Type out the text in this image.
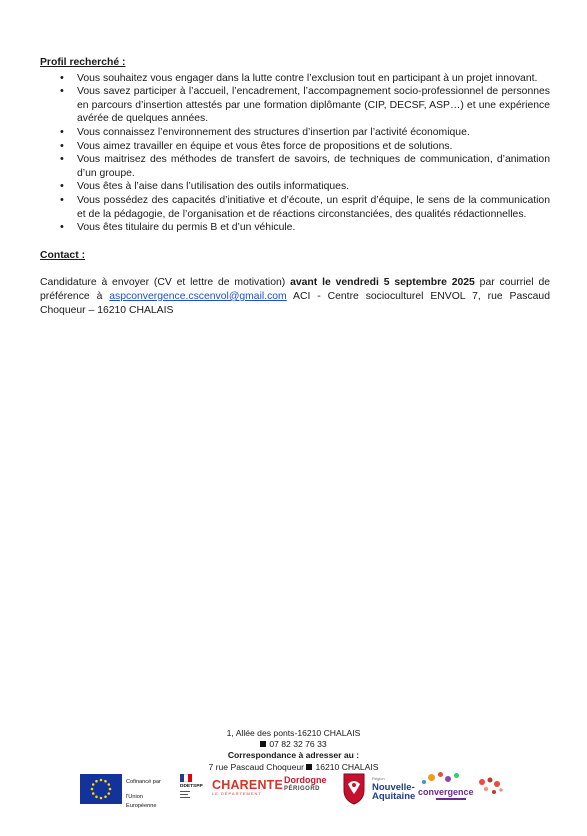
Profil recherché :
• Vous souhaitez vous engager dans la lutte contre l’exclusion tout en participant à un projet innovant.
• Vous savez participer à l’accueil, l’encadrement, l’accompagnement socio-professionnel de personnes en parcours d’insertion attestés par une formation diplômante (CIP, DECSF, ASP…) et une expérience avérée de quelques années.
• Vous connaissez l’environnement des structures d’insertion par l’activité économique.
• Vous aimez travailler en équipe et vous êtes force de propositions et de solutions.
• Vous maitrisez des méthodes de transfert de savoirs, de techniques de communication, d’animation d’un groupe.
• Vous êtes à l’aise dans l’utilisation des outils informatiques.
• Vous possédez des capacités d’initiative et d’écoute, un esprit d’équipe, le sens de la communication et de la pédagogie, de l’organisation et de réactions circonstanciées, des qualités rédactionnelles.
• Vous êtes titulaire du permis B et d’un véhicule.
Contact :

Candidature à envoyer (CV et lettre de motivation) avant le vendredi 5 septembre 2025 par courriel de préférence à aspconvergence.cscenvol@gmail.com ACI - Centre socioculturel ENVOL 7, rue Pascaud Choqueur – 16210 CHALAIS

1, Allée des ponts-16210 CHALAIS
07 82 32 76 33
Correspondance à adresser au :
7 rue Pascaud Choqueur 16210 CHALAIS
Cofinancé par
l'Union Européenne
DDETSPP CHARENTE
LE DÉPARTEMENT
Dordogne
PÉRIGORD
Région
Nouvelle-
Aquitaine convergence
